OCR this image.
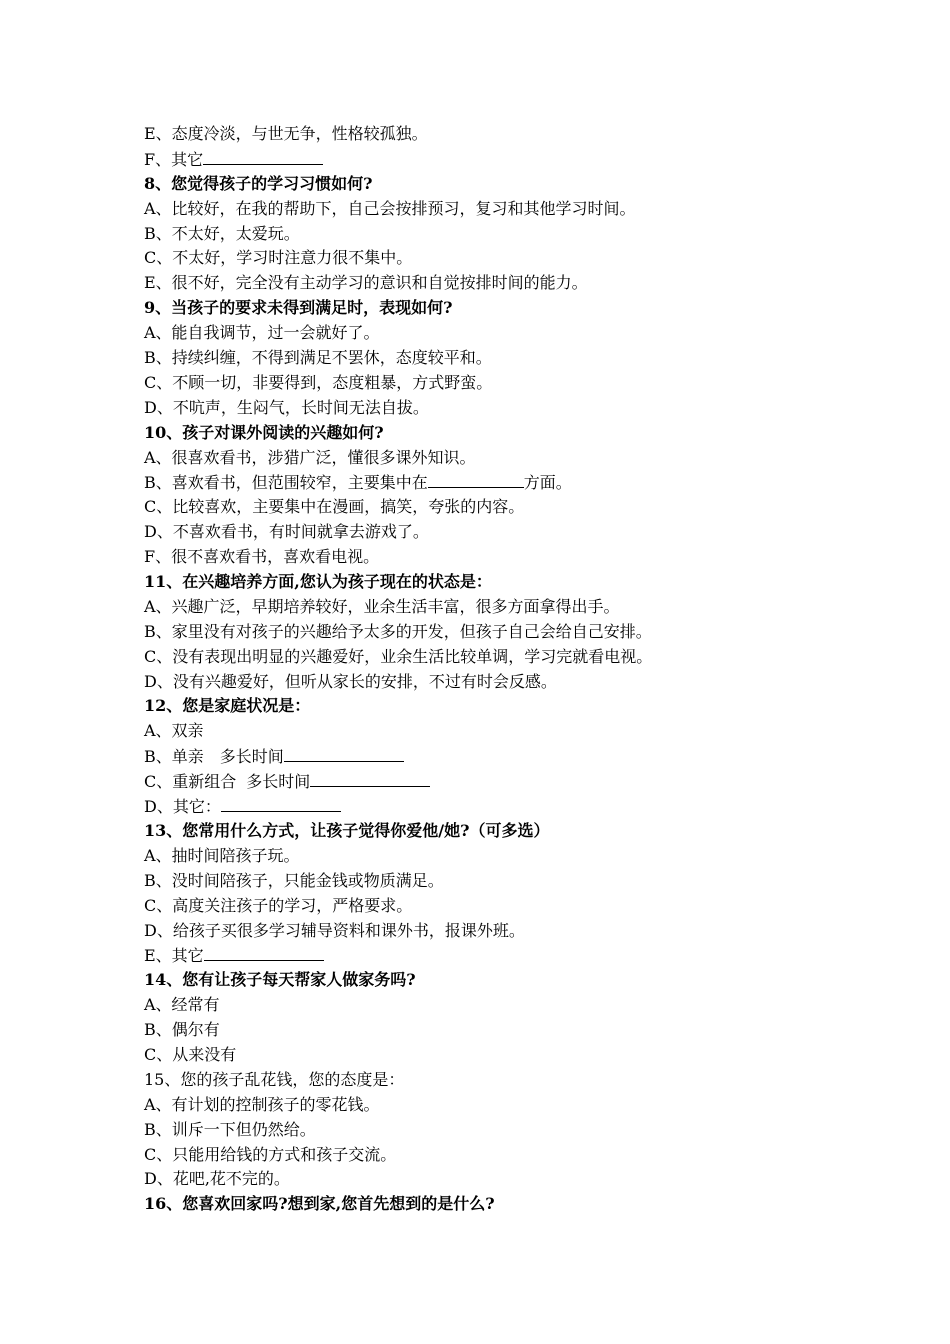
E、态度冷淡，与世无争，性格较孤独。
F、其它
8、您觉得孩子的学习习惯如何?
A、比较好，在我的帮助下，自己会按排预习，复习和其他学习时间。
B、不太好，太爱玩。
C、不太好，学习时注意力很不集中。
E、很不好，完全没有主动学习的意识和自觉按排时间的能力。
9、当孩子的要求未得到满足时，表现如何?
A、能自我调节，过一会就好了。
B、持续纠缠，不得到满足不罢休，态度较平和。
C、不顾一切，非要得到，态度粗暴，方式野蛮。
D、不吭声，生闷气，长时间无法自拔。
10、孩子对课外阅读的兴趣如何?
A、很喜欢看书，涉猎广泛，懂很多课外知识。
B、喜欢看书，但范围较窄，主要集中在	方面。
C、比较喜欢，主要集中在漫画，搞笑，夸张的内容。
D、不喜欢看书，有时间就拿去游戏了。
F、很不喜欢看书，喜欢看电视。
11、在兴趣培养方面,您认为孩子现在的状态是：
A、兴趣广泛，早期培养较好，业余生活丰富，很多方面拿得出手。
B、家里没有对孩子的兴趣给予太多的开发，但孩子自己会给自己安排。
C、没有表现出明显的兴趣爱好，业余生活比较单调，学习完就看电视。
D、没有兴趣爱好，但听从家长的安排，不过有时会反感。
12、您是家庭状况是：
A、双亲
B、单亲 多长时间
C、重新组合 多长时间
D、其它：
13、您常用什么方式，让孩子觉得你爱他/她?（可多选）
A、抽时间陪孩子玩。
B、没时间陪孩子，只能金钱或物质满足。
C、高度关注孩子的学习，严格要求。
D、给孩子买很多学习辅导资料和课外书，报课外班。
E、其它
14、您有让孩子每天帮家人做家务吗?
A、经常有
B、偶尔有
C、从来没有
15、您的孩子乱花钱，您的态度是：
A、有计划的控制孩子的零花钱。
B、训斥一下但仍然给。
C、只能用给钱的方式和孩子交流。
D、花吧,花不完的。
16、您喜欢回家吗?想到家,您首先想到的是什么?
